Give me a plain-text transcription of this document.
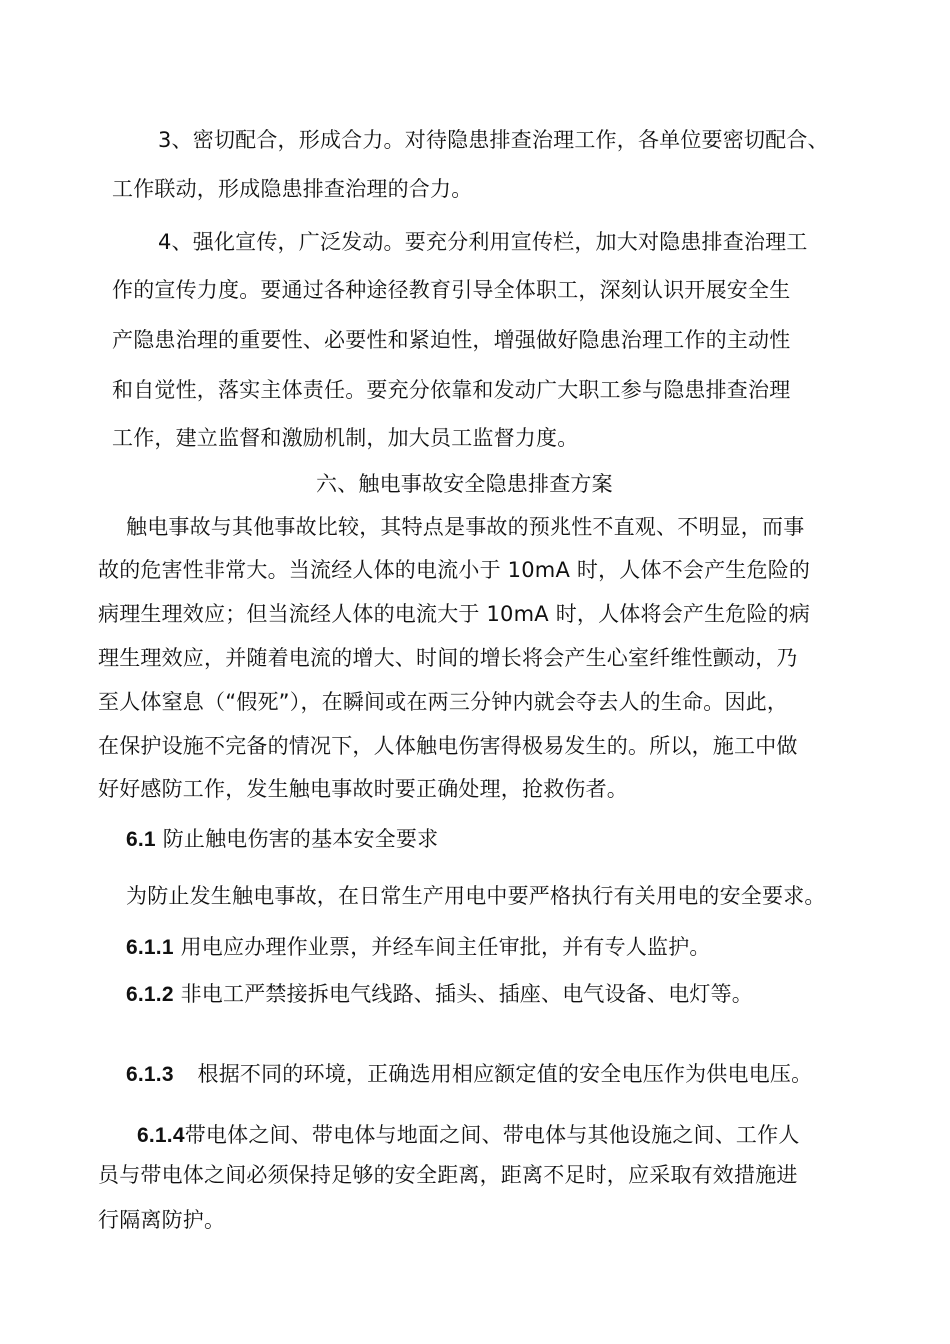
3、密切配合，形成合力。对待隐患排查治理工作，各单位要密切配合、
工作联动，形成隐患排查治理的合力。
4、强化宣传，广泛发动。要充分利用宣传栏，加大对隐患排查治理工
作的宣传力度。要通过各种途径教育引导全体职工，深刻认识开展安全生
产隐患治理的重要性、必要性和紧迫性，增强做好隐患治理工作的主动性
和自觉性，落实主体责任。要充分依靠和发动广大职工参与隐患排查治理
工作，建立监督和激励机制，加大员工监督力度。
六、触电事故安全隐患排查方案
触电事故与其他事故比较，其特点是事故的预兆性不直观、不明显，而事
故的危害性非常大。当流经人体的电流小于 10mA 时，人体不会产生危险的
病理生理效应；但当流经人体的电流大于 10mA 时，人体将会产生危险的病
理生理效应，并随着电流的增大、时间的增长将会产生心室纤维性颤动，乃
至人体窒息（“假死”），在瞬间或在两三分钟内就会夺去人的生命。因此，
在保护设施不完备的情况下，人体触电伤害得极易发生的。所以，施工中做
好好感防工作，发生触电事故时要正确处理，抢救伤者。
6.1 防止触电伤害的基本安全要求
为防止发生触电事故，在日常生产用电中要严格执行有关用电的安全要求。
6.1.1 用电应办理作业票，并经车间主任审批，并有专人监护。
6.1.2 非电工严禁接拆电气线路、插头、插座、电气设备、电灯等。
6.1.3 根据不同的环境，正确选用相应额定值的安全电压作为供电电压。
6.1.4带电体之间、带电体与地面之间、带电体与其他设施之间、工作人
员与带电体之间必须保持足够的安全距离，距离不足时，应采取有效措施进
行隔离防护。
